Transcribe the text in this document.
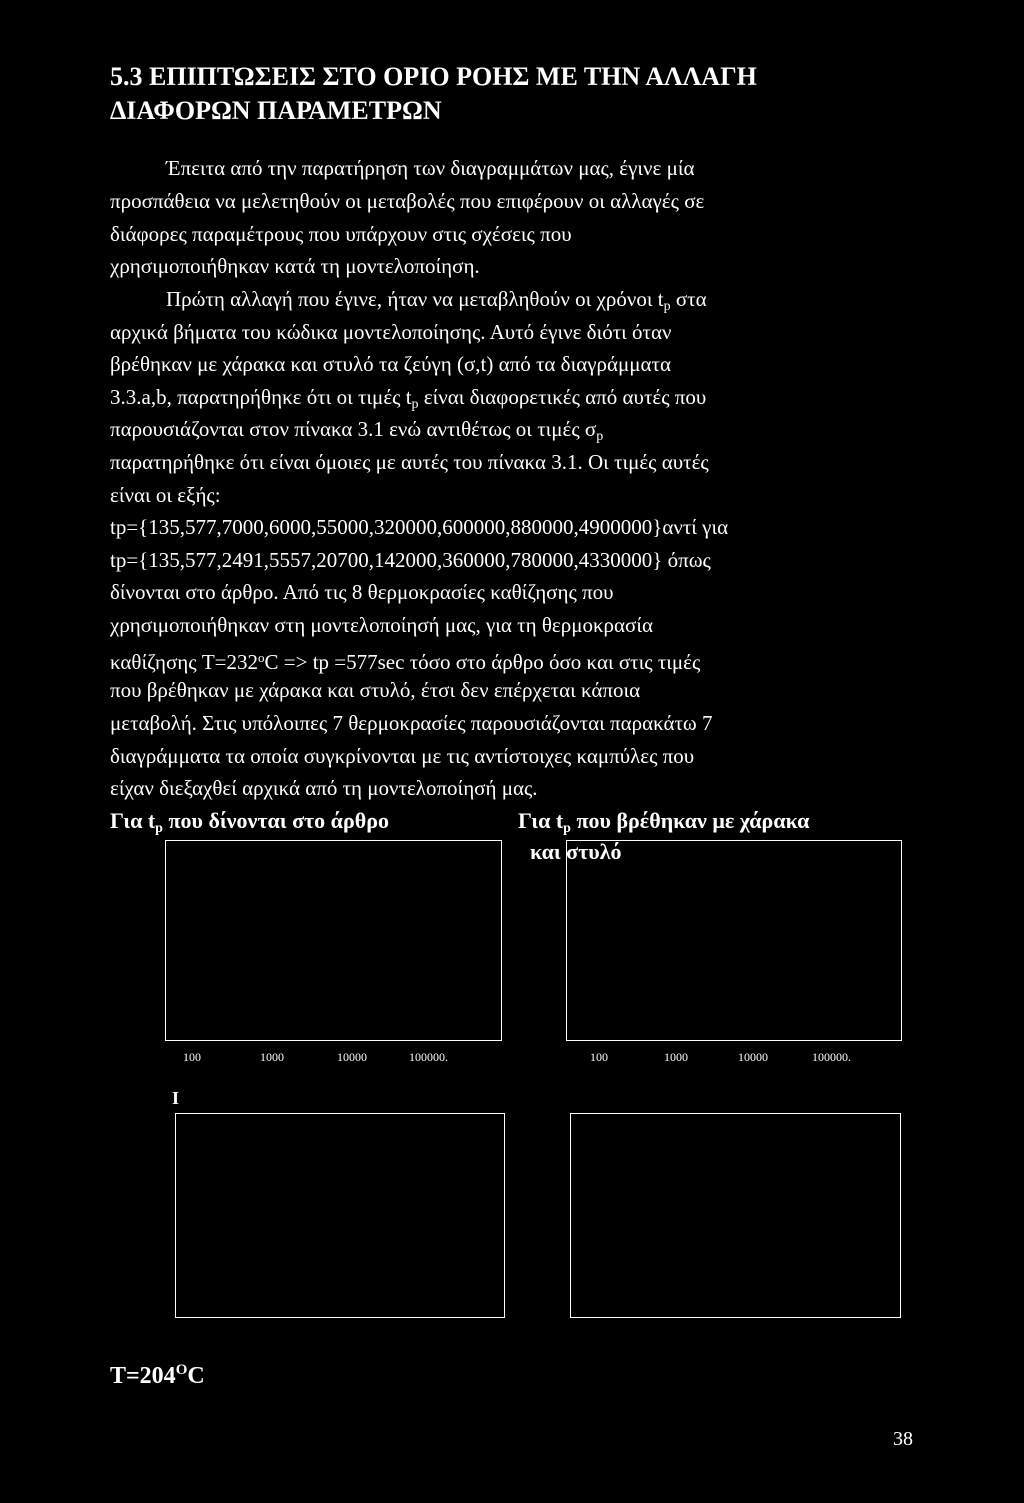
5.3 ΕΠΙΠΤΩΣΕΙΣ ΣΤΟ ΟΡΙΟ ΡΟΗΣ ΜΕ ΤΗΝ ΑΛΛΑΓΗ
ΔΙΑΦΟΡΩΝ ΠΑΡΑΜΕΤΡΩΝ
Έπειτα από την παρατήρηση των διαγραμμάτων μας, έγινε μία
προσπάθεια να μελετηθούν οι μεταβολές που επιφέρουν οι αλλαγές σε
διάφορες παραμέτρους που υπάρχουν στις σχέσεις που
χρησιμοποιήθηκαν κατά τη μοντελοποίηση.
Πρώτη αλλαγή που έγινε, ήταν να μεταβληθούν οι χρόνοι $t_p$ στα
αρχικά βήματα του κώδικα μοντελοποίησης. Αυτό έγινε διότι όταν
βρέθηκαν με χάρακα και στυλό τα ζεύγη (σ,t) από τα διαγράμματα
3.3.a,b, παρατηρήθηκε ότι οι τιμές $t_p$ είναι διαφορετικές από αυτές που
παρουσιάζονται στον πίνακα 3.1 ενώ αντιθέτως οι τιμές $\sigma_p$
παρατηρήθηκε ότι είναι όμοιες με αυτές του πίνακα 3.1. Οι τιμές αυτές
είναι οι εξής:
tp={135,577,7000,6000,55000,320000,600000,880000,4900000}αντί για
tp={135,577,2491,5557,20700,142000,360000,780000,4330000} όπως
δίνονται στο άρθρο. Από τις 8 θερμοκρασίες καθίζησης που
χρησιμοποιήθηκαν στη μοντελοποίησή μας, για τη θερμοκρασία
καθίζησης $T=232^oC$ => tp =577sec τόσο στο άρθρο όσο και στις τιμές
που βρέθηκαν με χάρακα και στυλό, έτσι δεν επέρχεται κάποια
μεταβολή. Στις υπόλοιπες 7 θερμοκρασίες παρουσιάζονται παρακάτω 7
διαγράμματα τα οποία συγκρίνονται με τις αντίστοιχες καμπύλες που
είχαν διεξαχθεί αρχικά από τη μοντελοποίησή μας.
Για $t_p$ που δίνονται στο άρθρο	Για $t_p$ που βρέθηκαν με χάρακα
και στυλό
100	1000	10000	100000.	100	1000	10000	100000.
I
$T=204^OC$
38
